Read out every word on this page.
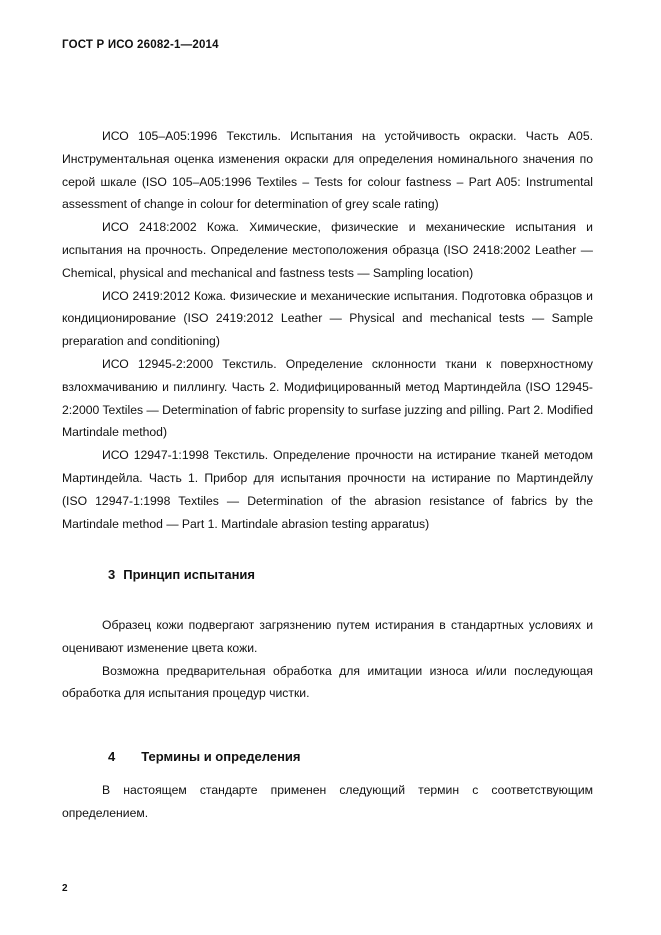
ГОСТ Р ИСО 26082-1—2014

ИСО 105–А05:1996 Текстиль. Испытания на устойчивость окраски. Часть А05. Инструментальная оценка изменения окраски для определения номинального значения по серой шкале (ISO 105–A05:1996 Textiles – Tests for colour fastness – Part A05: Instrumental assessment of change in colour for determination of grey scale rating)

ИСО 2418:2002 Кожа. Химические, физические и механические испытания и испытания на прочность. Определение местоположения образца (ISO 2418:2002 Leather — Chemical, physical and mechanical and fastness tests — Sampling location)

ИСО 2419:2012 Кожа. Физические и механические испытания. Подготовка образцов и кондиционирование (ISO 2419:2012 Leather — Physical and mechanical tests — Sample preparation and conditioning)

ИСО 12945-2:2000 Текстиль. Определение склонности ткани к поверхностному взлохмачиванию и пиллингу. Часть 2. Модифицированный метод Мартиндейла (ISO 12945-2:2000 Textiles — Determination of fabric propensity to surfase juzzing and pilling. Part 2. Modified Martindale method)

ИСО 12947-1:1998 Текстиль. Определение прочности на истирание тканей методом Мартиндейла. Часть 1. Прибор для испытания прочности на истирание по Мартиндейлу (ISO 12947-1:1998 Textiles — Determination of the abrasion resistance of fabrics by the Martindale method — Part 1. Martindale abrasion testing apparatus)

3 Принцип испытания

Образец кожи подвергают загрязнению путем истирания в стандартных условиях и оценивают изменение цвета кожи.

Возможна предварительная обработка для имитации износа и/или последующая обработка для испытания процедур чистки.

4 Термины и определения

В настоящем стандарте применен следующий термин с соответствующим определением.

2
